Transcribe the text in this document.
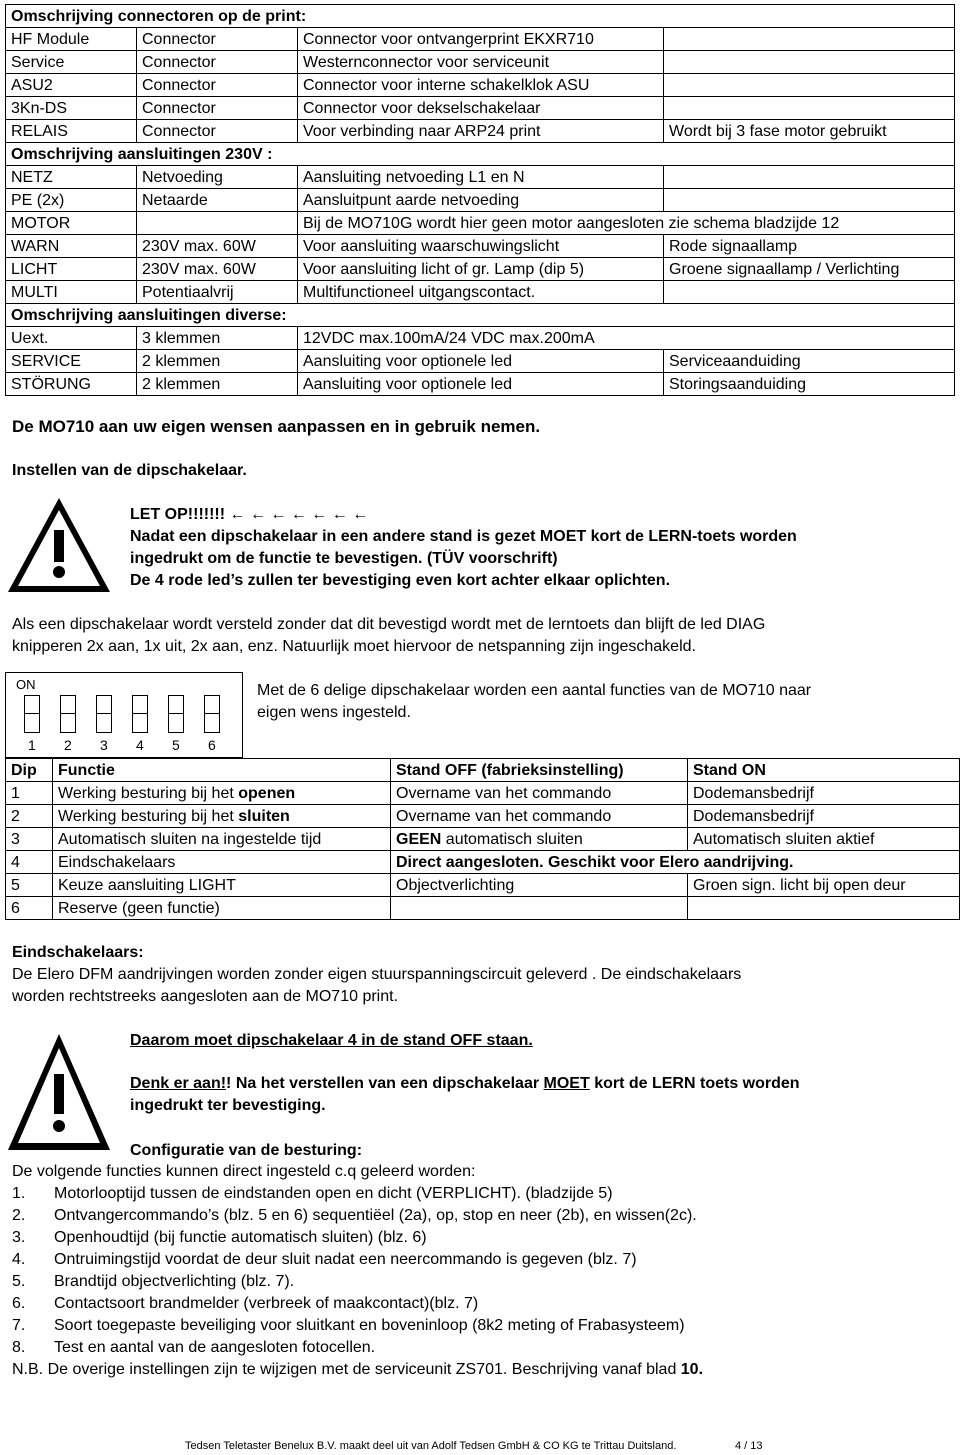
Omschrijving connectoren op de print:			
HF Module	Connector	Connector voor ontvangerprint EKXR710	
Service	Connector	Westernconnector voor serviceunit	
ASU2	Connector	Connector voor interne schakelklok ASU	
3Kn-DS	Connector	Connector voor dekselschakelaar	
RELAIS	Connector	Voor verbinding naar ARP24 print	Wordt bij 3 fase motor gebruikt
Omschrijving aansluitingen 230V :			
NETZ	Netvoeding	Aansluiting netvoeding L1 en N	
PE (2x)	Netaarde	Aansluitpunt aarde netvoeding	
MOTOR		Bij de MO710G wordt hier geen motor aangesloten zie schema bladzijde 12	
WARN	230V max. 60W	Voor aansluiting waarschuwingslicht	Rode signaallamp
LICHT	230V max. 60W	Voor aansluiting licht of gr. Lamp (dip 5)	Groene signaallamp / Verlichting
MULTI	Potentiaalvrij	Multifunctioneel uitgangscontact.	
Omschrijving aansluitingen diverse:			
Uext.	3 klemmen	12VDC max.100mA/24 VDC max.200mA	
SERVICE	2 klemmen	Aansluiting voor optionele led	Serviceaanduiding
STÖRUNG	2 klemmen	Aansluiting voor optionele led	Storingsaanduiding
De MO710 aan uw eigen wensen aanpassen en in gebruik nemen.
Instellen van de dipschakelaar.
LET OP!!!!!!! ← ← ← ← ← ← ←
Nadat een dipschakelaar in een andere stand is gezet MOET kort de LERN-toets worden
ingedrukt om de functie te bevestigen. (TÜV voorschrift)
De 4 rode led’s zullen ter bevestiging even kort achter elkaar oplichten.
Als een dipschakelaar wordt versteld zonder dat dit bevestigd wordt met de lerntoets dan blijft de led DIAG
knipperen 2x aan, 1x uit, 2x aan, enz. Natuurlijk moet hiervoor de netspanning zijn ingeschakeld.
ON
1 2 3 4 5 6
Met de 6 delige dipschakelaar worden een aantal functies van de MO710 naar
eigen wens ingesteld.
Dip	Functie	Stand OFF (fabrieksinstelling)	Stand ON
1	Werking besturing bij het openen	Overname van het commando	Dodemansbedrijf
2	Werking besturing bij het sluiten	Overname van het commando	Dodemansbedrijf
3	Automatisch sluiten na ingestelde tijd	GEEN automatisch sluiten	Automatisch sluiten aktief
4	Eindschakelaars	Direct aangesloten. Geschikt voor Elero aandrijving.	
5	Keuze aansluiting LIGHT	Objectverlichting	Groen sign. licht bij open deur
6	Reserve (geen functie)		
Eindschakelaars:
De Elero DFM aandrijvingen worden zonder eigen stuurspanningscircuit geleverd . De eindschakelaars
worden rechtstreeks aangesloten aan de MO710 print.
Daarom moet dipschakelaar 4 in de stand OFF staan.
Denk er aan!! Na het verstellen van een dipschakelaar MOET kort de LERN toets worden
ingedrukt ter bevestiging.
Configuratie van de besturing:
De volgende functies kunnen direct ingesteld c.q geleerd worden:
1. Motorlooptijd tussen de eindstanden open en dicht (VERPLICHT). (bladzijde 5)
2. Ontvangercommando’s (blz. 5 en 6) sequentiëel (2a), op, stop en neer (2b), en wissen(2c).
3. Openhoudtijd (bij functie automatisch sluiten) (blz. 6)
4. Ontruimingstijd voordat de deur sluit nadat een neercommando is gegeven (blz. 7)
5. Brandtijd objectverlichting (blz. 7).
6. Contactsoort brandmelder (verbreek of maakcontact)(blz. 7)
7. Soort toegepaste beveiliging voor sluitkant en boveninloop (8k2 meting of Frabasysteem)
8. Test en aantal van de aangesloten fotocellen.
N.B. De overige instellingen zijn te wijzigen met de serviceunit ZS701. Beschrijving vanaf blad 10.
Tedsen Teletaster Benelux B.V. maakt deel uit van Adolf Tedsen GmbH & CO KG te Trittau Duitsland.	4 / 13
